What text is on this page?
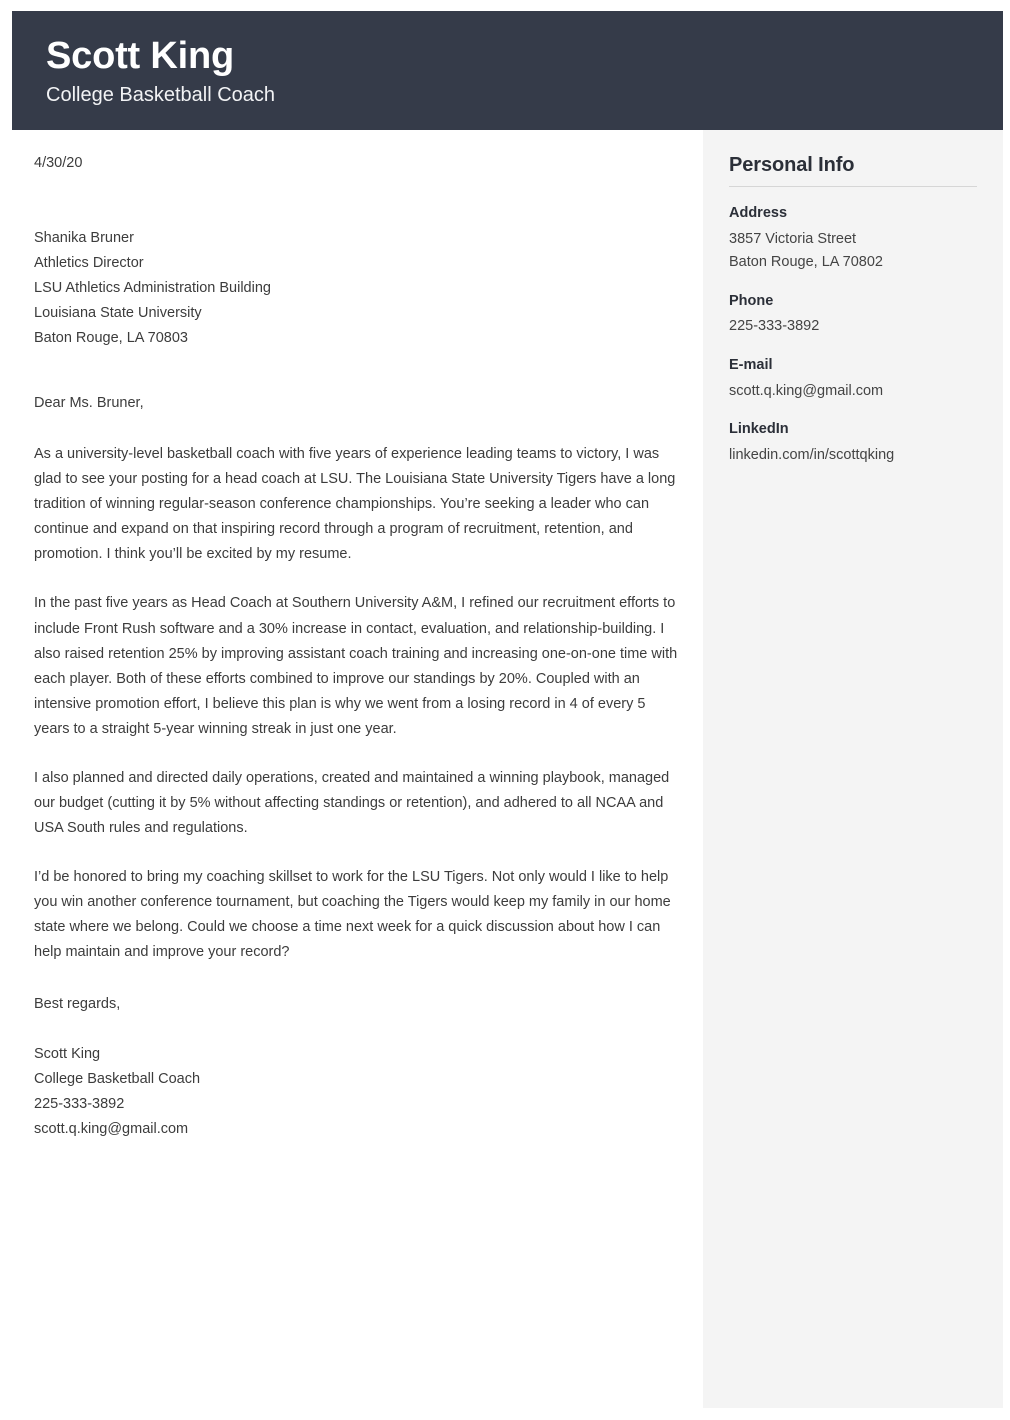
Scott King
College Basketball Coach
4/30/20
Shanika Bruner
Athletics Director
LSU Athletics Administration Building
Louisiana State University
Baton Rouge, LA 70803
Dear Ms. Bruner,

As a university-level basketball coach with five years of experience leading teams to victory, I was glad to see your posting for a head coach at LSU. The Louisiana State University Tigers have a long tradition of winning regular-season conference championships. You’re seeking a leader who can continue and expand on that inspiring record through a program of recruitment, retention, and promotion. I think you’ll be excited by my resume.

In the past five years as Head Coach at Southern University A&M, I refined our recruitment efforts to include Front Rush software and a 30% increase in contact, evaluation, and relationship-building. I also raised retention 25% by improving assistant coach training and increasing one-on-one time with each player. Both of these efforts combined to improve our standings by 20%. Coupled with an intensive promotion effort, I believe this plan is why we went from a losing record in 4 of every 5 years to a straight 5-year winning streak in just one year.

I also planned and directed daily operations, created and maintained a winning playbook, managed our budget (cutting it by 5% without affecting standings or retention), and adhered to all NCAA and USA South rules and regulations.

I’d be honored to bring my coaching skillset to work for the LSU Tigers. Not only would I like to help you win another conference tournament, but coaching the Tigers would keep my family in our home state where we belong. Could we choose a time next week for a quick discussion about how I can help maintain and improve your record?

Best regards,
Scott King
College Basketball Coach
225-333-3892
scott.q.king@gmail.com
Personal Info
Address
3857 Victoria Street
Baton Rouge, LA 70802
Phone
225-333-3892
E-mail
scott.q.king@gmail.com
LinkedIn
linkedin.com/in/scottqking
